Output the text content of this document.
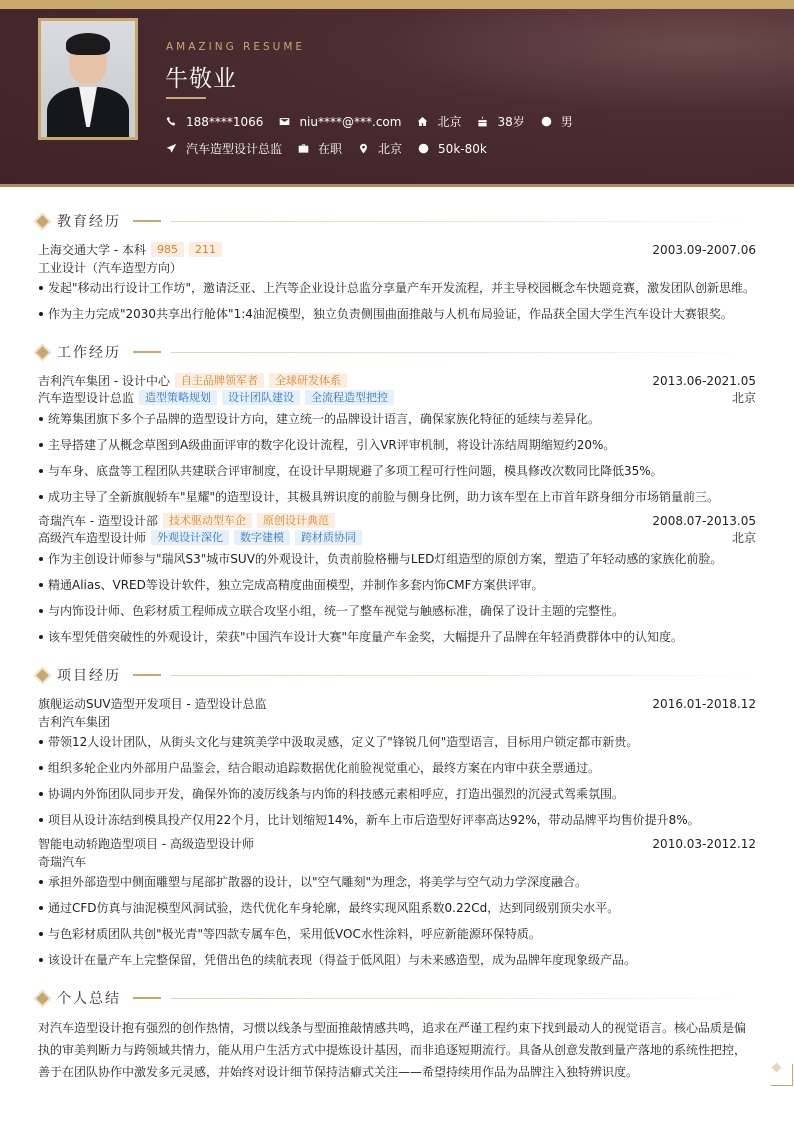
AMAZING RESUME
牛敬业
188****1066	niu****@***.com	北京	38岁	男
汽车造型设计总监	在职	北京	50k-80k
教育经历
上海交通大学 - 本科	985	211	2003.09-2007.06
工业设计（汽车造型方向）
发起"移动出行设计工作坊"，邀请泛亚、上汽等企业设计总监分享量产车开发流程，并主导校园概念车快题竞赛，激发团队创新思维。
作为主力完成"2030共享出行舱体"1:4油泥模型，独立负责侧围曲面推敲与人机布局验证，作品获全国大学生汽车设计大赛银奖。
工作经历
吉利汽车集团 - 设计中心	自主品牌领军者	全球研发体系	2013.06-2021.05
汽车造型设计总监	造型策略规划	设计团队建设	全流程造型把控	北京
统筹集团旗下多个子品牌的造型设计方向，建立统一的品牌设计语言，确保家族化特征的延续与差异化。
主导搭建了从概念草图到A级曲面评审的数字化设计流程，引入VR评审机制，将设计冻结周期缩短约20%。
与车身、底盘等工程团队共建联合评审制度，在设计早期规避了多项工程可行性问题，模具修改次数同比降低35%。
成功主导了全新旗舰轿车"星耀"的造型设计，其极具辨识度的前脸与侧身比例，助力该车型在上市首年跻身细分市场销量前三。
奇瑞汽车 - 造型设计部	技术驱动型车企	原创设计典范	2008.07-2013.05
高级汽车造型设计师	外观设计深化	数字建模	跨材质协同	北京
作为主创设计师参与"瑞风S3"城市SUV的外观设计，负责前脸格栅与LED灯组造型的原创方案，塑造了年轻动感的家族化前脸。
精通Alias、VRED等设计软件，独立完成高精度曲面模型，并制作多套内饰CMF方案供评审。
与内饰设计师、色彩材质工程师成立联合攻坚小组，统一了整车视觉与触感标准，确保了设计主题的完整性。
该车型凭借突破性的外观设计，荣获"中国汽车设计大赛"年度量产车金奖，大幅提升了品牌在年轻消费群体中的认知度。
项目经历
旗舰运动SUV造型开发项目 - 造型设计总监	2016.01-2018.12
吉利汽车集团
带领12人设计团队，从街头文化与建筑美学中汲取灵感，定义了"锋锐几何"造型语言，目标用户锁定都市新贵。
组织多轮企业内外部用户品鉴会，结合眼动追踪数据优化前脸视觉重心，最终方案在内审中获全票通过。
协调内外饰团队同步开发，确保外饰的凌厉线条与内饰的科技感元素相呼应，打造出强烈的沉浸式驾乘氛围。
项目从设计冻结到模具投产仅用22个月，比计划缩短14%，新车上市后造型好评率高达92%，带动品牌平均售价提升8%。
智能电动轿跑造型项目 - 高级造型设计师	2010.03-2012.12
奇瑞汽车
承担外部造型中侧面雕塑与尾部扩散器的设计，以"空气雕刻"为理念，将美学与空气动力学深度融合。
通过CFD仿真与油泥模型风洞试验，迭代优化车身轮廓，最终实现风阻系数0.22Cd，达到同级别顶尖水平。
与色彩材质团队共创"极光青"等四款专属车色，采用低VOC水性涂料，呼应新能源环保特质。
该设计在量产车上完整保留，凭借出色的续航表现（得益于低风阻）与未来感造型，成为品牌年度现象级产品。
个人总结
对汽车造型设计抱有强烈的创作热情，习惯以线条与型面推敲情感共鸣，追求在严谨工程约束下找到最动人的视觉语言。核心品质是偏执的审美判断力与跨领域共情力，能从用户生活方式中提炼设计基因，而非追逐短期流行。具备从创意发散到量产落地的系统性把控，善于在团队协作中激发多元灵感，并始终对设计细节保持洁癖式关注——希望持续用作品为品牌注入独特辨识度。
